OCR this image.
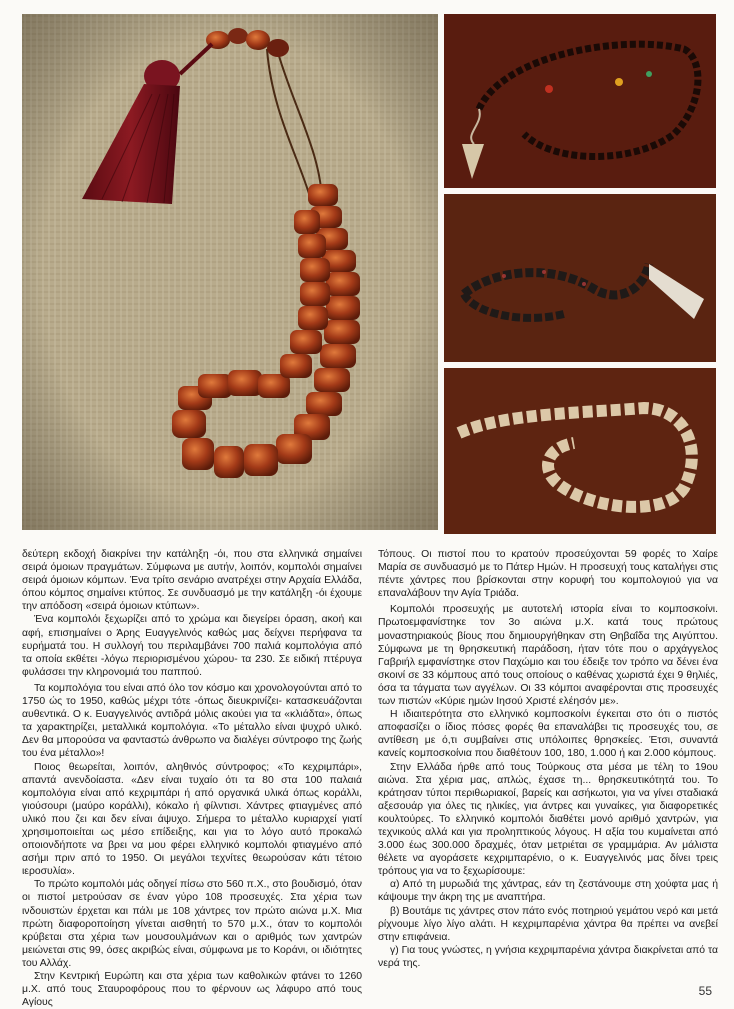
δεύτερη εκδοχή διακρίνει την κατάληξη -όι, που στα ελληνικά σημαίνει σειρά όμοιων πραγμάτων. Σύμφωνα με αυτήν, λοιπόν, κομπολόι σημαίνει σειρά όμοιων κόμπων. Ένα τρίτο σενάριο ανατρέχει στην Αρχαία Ελλάδα, όπου κόμπος σημαίνει κτύπος. Σε συνδυασμό με την κατάληξη -όι έχουμε την απόδοση «σειρά όμοιων κτύπων».

Ένα κομπολόι ξεχωρίζει από το χρώμα και διεγείρει όραση, ακοή και αφή, επισημαίνει ο Άρης Ευαγγελινός καθώς μας δείχνει περήφανα τα ευρήματά του. Η συλλογή του περιλαμβάνει 700 παλιά κομπολόγια από τα οποία εκθέτει -λόγω περιορισμένου χώρου- τα 230. Σε ειδική πτέρυγα φυλάσσει την κληρονομιά του παππού.

Τα κομπολόγια του είναι από όλο τον κόσμο και χρονολογούνται από το 1750 ώς το 1950, καθώς μέχρι τότε -όπως διευκρινίζει- κατασκευάζονται αυθεντικά. Ο κ. Ευαγγελινός αντιδρά μόλις ακούει για τα «κλιάδτα», όπως τα χαρακτηρίζει, μεταλλικά κομπολόγια. «Το μέταλλο είναι ψυχρό υλικό. Δεν θα μπορούσα να φανταστώ άνθρωπο να διαλέγει σύντροφο της ζωής του ένα μέταλλο»!

Ποιος θεωρείται, λοιπόν, αληθινός σύντροφος; «Το κεχριμπάρι», απαντά ανενδοίαστα. «Δεν είναι τυχαίο ότι τα 80 στα 100 παλαιά κομπολόγια είναι από κεχριμπάρι ή από οργανικά υλικά όπως κοράλλι, γιούσουρι (μαύρο κοράλλι), κόκαλο ή φίλντισι. Χάντρες φτιαγμένες από υλικό που ζει και δεν είναι άψυχο. Σήμερα το μέταλλο κυριαρχεί γιατί χρησιμοποιείται ως μέσο επίδειξης, και για το λόγο αυτό προκαλώ οποιονδήποτε να βρει να μου φέρει ελληνικό κομπολόι φτιαγμένο από ασήμι πριν από το 1950. Οι μεγάλοι τεχνίτες θεωρούσαν κάτι τέτοιο ιεροσυλία».

Το πρώτο κομπολόι μάς οδηγεί πίσω στο 560 π.Χ., στο βουδισμό, όταν οι πιστοί μετρούσαν σε έναν γύρο 108 προσευχές. Στα χέρια των ινδουιστών έρχεται και πάλι με 108 χάντρες τον πρώτο αιώνα μ.Χ. Μια πρώτη διαφοροποίηση γίνεται αισθητή το 570 μ.Χ., όταν το κομπολόι κρύβεται στα χέρια των μουσουλμάνων και ο αριθμός των χαντρών μειώνεται στις 99, όσες ακριβώς είναι, σύμφωνα με το Κοράνι, οι ιδιότητες του Αλλάχ.

Στην Κεντρική Ευρώπη και στα χέρια των καθολικών φτάνει το 1260 μ.Χ. από τους Σταυροφόρους που το φέρνουν ως λάφυρο από τους Αγίους

Τόπους. Οι πιστοί που το κρατούν προσεύχονται 59 φορές το Χαίρε Μαρία σε συνδυασμό με το Πάτερ Ημών. Η προσευχή τους καταλήγει στις πέντε χάντρες που βρίσκονται στην κορυφή του κομπολογιού για να επαναλάβουν την Αγία Τριάδα.

Κομπολόι προσευχής με αυτοτελή ιστορία είναι το κομποσκοίνι. Πρωτοεμφανίστηκε τον 3ο αιώνα μ.Χ. κατά τους πρώτους μοναστηριακούς βίους που δημιουργήθηκαν στη Θηβαΐδα της Αιγύπτου. Σύμφωνα με τη θρησκευτική παράδοση, ήταν τότε που ο αρχάγγελος Γαβριήλ εμφανίστηκε στον Παχώμιο και του έδειξε τον τρόπο να δένει ένα σκοινί σε 33 κόμπους από τους οποίους ο καθένας χωριστά έχει 9 θηλιές, όσα τα τάγματα των αγγέλων. Οι 33 κόμποι αναφέρονται στις προσευχές των πιστών «Κύριε ημών Ιησού Χριστέ ελέησόν με».

Η ιδιαιτερότητα στο ελληνικό κομποσκοίνι έγκειται στο ότι ο πιστός αποφασίζει ο ίδιος πόσες φορές θα επαναλάβει τις προσευχές του, σε αντίθεση με ό,τι συμβαίνει στις υπόλοιπες θρησκείες. Έτσι, συναντά κανείς κομποσκοίνια που διαθέτουν 100, 180, 1.000 ή και 2.000 κόμπους.

Στην Ελλάδα ήρθε από τους Τούρκους στα μέσα με τέλη το 19ου αιώνα. Στα χέρια μας, απλώς, έχασε τη... θρησκευτικότητά του. Το κράτησαν τύποι περιθωριακοί, βαρείς και ασήκωτοι, για να γίνει σταδιακά αξεσουάρ για όλες τις ηλικίες, για άντρες και γυναίκες, για διαφορετικές κουλτούρες. Το ελληνικό κομπολόι διαθέτει μονό αριθμό χαντρών, για τεχνικούς αλλά και για προληπτικούς λόγους. Η αξία του κυμαίνεται από 3.000 έως 300.000 δραχμές, όταν μετριέται σε γραμμάρια. Αν μάλιστα θέλετε να αγοράσετε κεχριμπαρένιο, ο κ. Ευαγγελινός μας δίνει τρεις τρόπους για να το ξεχωρίσουμε:

α) Από τη μυρωδιά της χάντρας, εάν τη ζεστάνουμε στη χούφτα μας ή κάψουμε την άκρη της με αναπτήρα.

β) Βουτάμε τις χάντρες στον πάτο ενός ποτηριού γεμάτου νερό και μετά ρίχνουμε λίγο λίγο αλάτι. Η κεχριμπαρένια χάντρα θα πρέπει να ανεβεί στην επιφάνεια.

γ) Για τους γνώστες, η γνήσια κεχριμπαρένια χάντρα διακρίνεται από τα νερά της.

55
